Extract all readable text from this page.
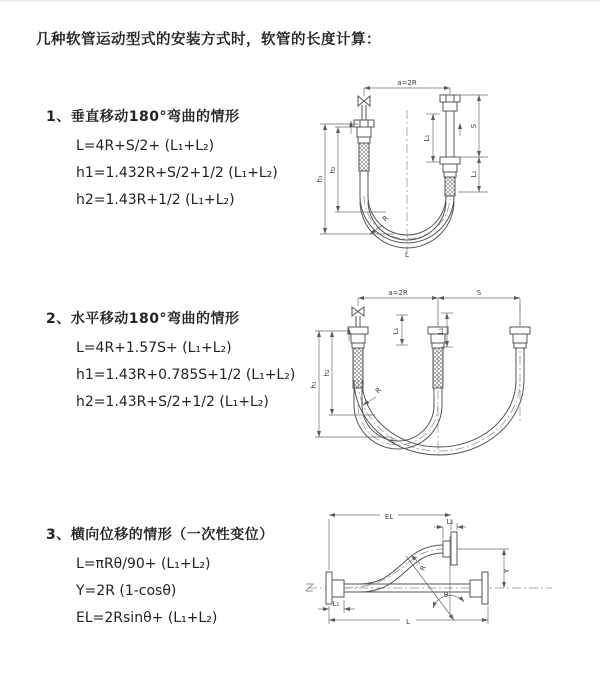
几种软管运动型式的安装方式时，软管的长度计算：
1、垂直移动180°弯曲的情形
L=4R+S/2+ (L₁+L₂)
h1=1.432R+S/2+1/2 (L₁+L₂)
h2=1.43R+1/2 (L₁+L₂)
2、水平移动180°弯曲的情形
L=4R+1.57S+ (L₁+L₂)
h1=1.43R+0.785S+1/2 (L₁+L₂)
h2=1.43R+S/2+1/2 (L₁+L₂)
3、横向位移的情形（一次性变位）
L=πRθ/90+ (L₁+L₂)
Y=2R (1-cosθ)
EL=2Rsinθ+ (L₁+L₂)
a=2R
h₁
h₂
L₁
S
L₁
R
L
a=2R	S
h₁
h₂
L₁	L₁
R
L
EL
L₂
Y
θ
R
L
L₁
